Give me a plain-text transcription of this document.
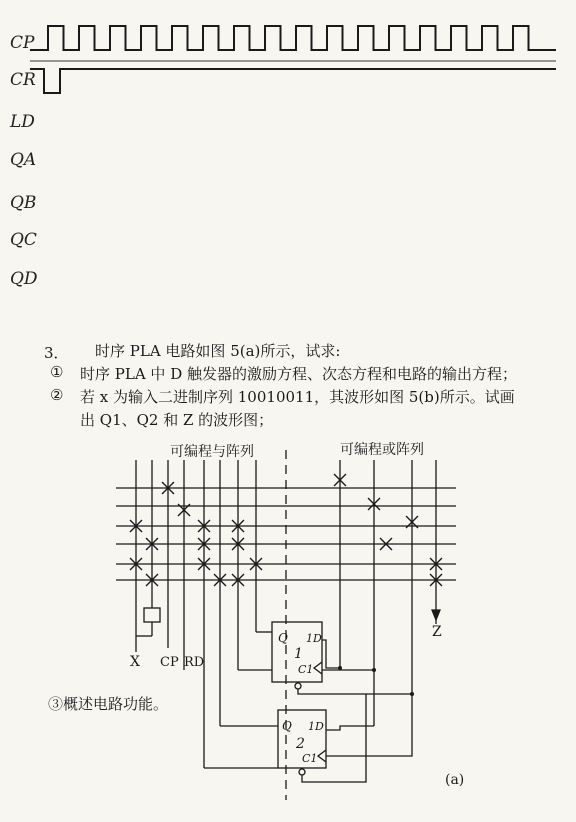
CP
CR
LD
QA
QB
QC
QD
3． 时序 PLA 电路如图 5(a)所示，试求:
① 时序 PLA 中 D 触发器的激励方程、次态方程和电路的输出方程；
② 若 x 为输入二进制序列 10010011，其波形如图 5(b)所示。试画
出 Q1、Q2 和 Z 的波形图；
③概述电路功能。
可编程与阵列	可编程或阵列
X CP RD
Z
Q 1D
1
C1
Q 1D
2
C1
(a)
